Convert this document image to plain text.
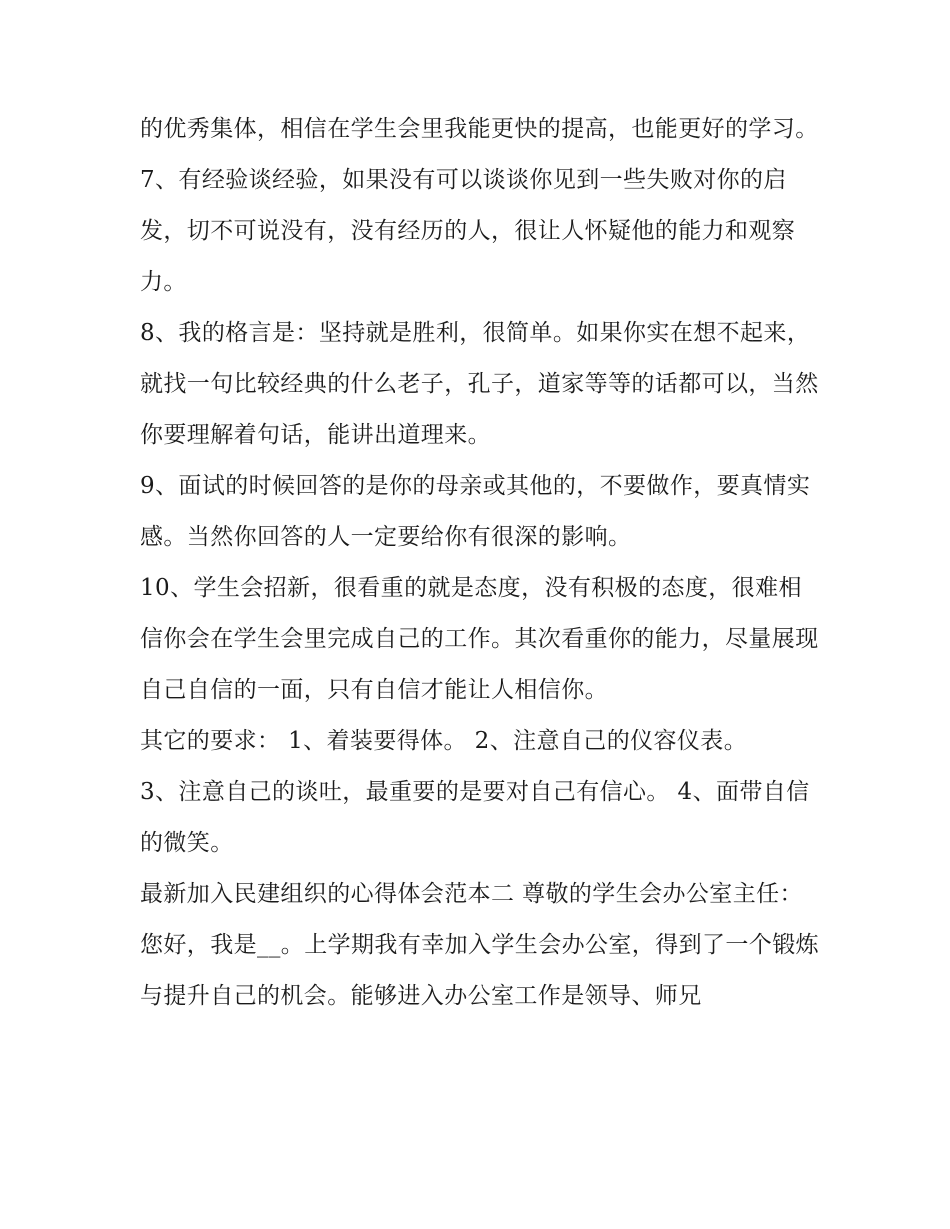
的优秀集体，相信在学生会里我能更快的提高，也能更好的学习。

7、有经验谈经验，如果没有可以谈谈你见到一些失败对你的启发，切不可说没有，没有经历的人，很让人怀疑他的能力和观察力。

8、我的格言是：坚持就是胜利，很简单。如果你实在想不起来，就找一句比较经典的什么老子，孔子，道家等等的话都可以，当然你要理解着句话，能讲出道理来。

9、面试的时候回答的是你的母亲或其他的，不要做作，要真情实感。当然你回答的人一定要给你有很深的影响。

10、学生会招新，很看重的就是态度，没有积极的态度，很难相信你会在学生会里完成自己的工作。其次看重你的能力，尽量展现自己自信的一面，只有自信才能让人相信你。

其它的要求： 1、着装要得体。 2、注意自己的仪容仪表。

3、注意自己的谈吐，最重要的是要对自己有信心。 4、面带自信的微笑。

最新加入民建组织的心得体会范本二 尊敬的学生会办公室主任：

您好，我是__。上学期我有幸加入学生会办公室，得到了一个锻炼与提升自己的机会。能够进入办公室工作是领导、师兄
